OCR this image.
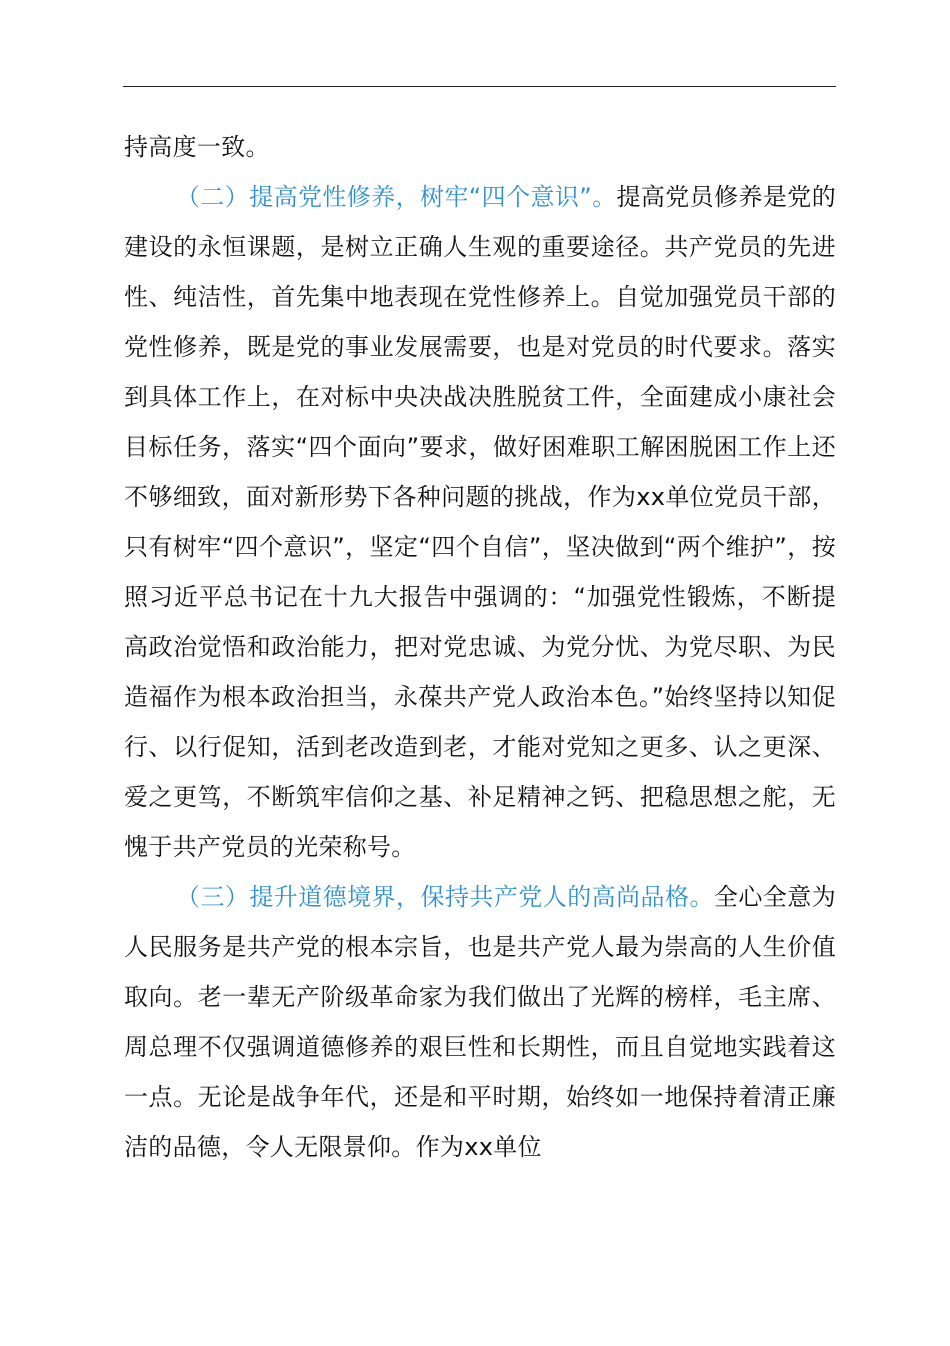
持高度一致。

（二）提高党性修养，树牢“四个意识”。提高党员修养是党的建设的永恒课题，是树立正确人生观的重要途径。共产党员的先进性、纯洁性，首先集中地表现在党性修养上。自觉加强党员干部的党性修养，既是党的事业发展需要，也是对党员的时代要求。落实到具体工作上，在对标中央决战决胜脱贫工件，全面建成小康社会目标任务，落实“四个面向”要求，做好困难职工解困脱困工作上还不够细致，面对新形势下各种问题的挑战，作为xx单位党员干部，只有树牢“四个意识”，坚定“四个自信”，坚决做到“两个维护”，按照习近平总书记在十九大报告中强调的：“加强党性锻炼，不断提高政治觉悟和政治能力，把对党忠诚、为党分忧、为党尽职、为民造福作为根本政治担当，永葆共产党人政治本色。”始终坚持以知促行、以行促知，活到老改造到老，才能对党知之更多、认之更深、爱之更笃，不断筑牢信仰之基、补足精神之钙、把稳思想之舵，无愧于共产党员的光荣称号。

（三）提升道德境界，保持共产党人的高尚品格。全心全意为人民服务是共产党的根本宗旨，也是共产党人最为崇高的人生价值取向。老一辈无产阶级革命家为我们做出了光辉的榜样，毛主席、周总理不仅强调道德修养的艰巨性和长期性，而且自觉地实践着这一点。无论是战争年代，还是和平时期，始终如一地保持着清正廉洁的品德，令人无限景仰。作为xx单位
